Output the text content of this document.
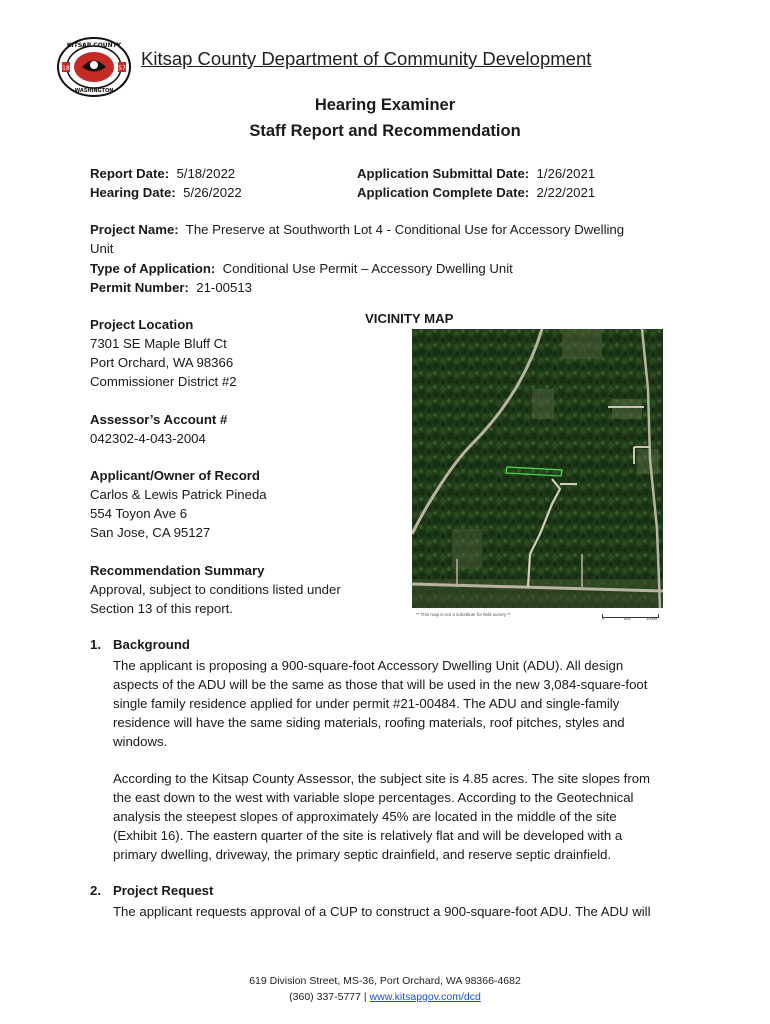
18	57
KITSAP COUNTY
WASHINGTON
Kitsap County Department of Community Development
Hearing Examiner
Staff Report and Recommendation
Report Date: 5/18/2022
Hearing Date: 5/26/2022
Application Submittal Date: 1/26/2021
Application Complete Date: 2/22/2021
Project Name: The Preserve at Southworth Lot 4 - Conditional Use for Accessory Dwelling
Unit
Type of Application: Conditional Use Permit – Accessory Dwelling Unit
Permit Number: 21-00513
Project Location
7301 SE Maple Bluff Ct
Port Orchard, WA 98366
Commissioner District #2
Assessor’s Account #
042302-4-043-2004
Applicant/Owner of Record
Carlos & Lewis Patrick Pineda
554 Toyon Ave 6
San Jose, CA 95127
Recommendation Summary
Approval, subject to conditions listed under
Section 13 of this report.
VICINITY MAP
** This map is not a substitute for field survey **
0	500	1000ft
1. Background
The applicant is proposing a 900-square-foot Accessory Dwelling Unit (ADU). All design
aspects of the ADU will be the same as those that will be used in the new 3,084-square-foot
single family residence applied for under permit #21-00484. The ADU and single-family
residence will have the same siding materials, roofing materials, roof pitches, styles and
windows.
According to the Kitsap County Assessor, the subject site is 4.85 acres. The site slopes from
the east down to the west with variable slope percentages. According to the Geotechnical
analysis the steepest slopes of approximately 45% are located in the middle of the site
(Exhibit 16). The eastern quarter of the site is relatively flat and will be developed with a
primary dwelling, driveway, the primary septic drainfield, and reserve septic drainfield.
2. Project Request
The applicant requests approval of a CUP to construct a 900-square-foot ADU. The ADU will
619 Division Street, MS-36, Port Orchard, WA 98366-4682
(360) 337-5777 | www.kitsapgov.com/dcd
